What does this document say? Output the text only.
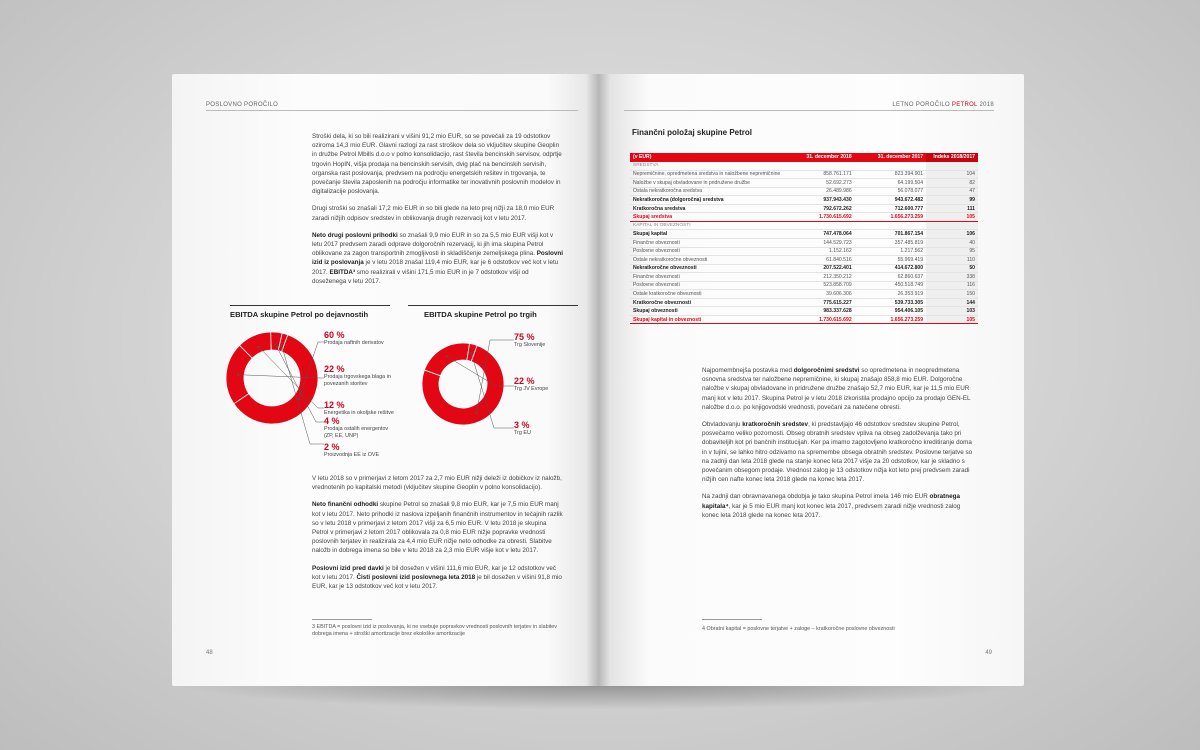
POSLOVNO POROČILO

Stroški dela, ki so bili realizirani v višini 91,2 mio EUR, so se povečali za 19 odstotkov oziroma 14,3 mio EUR. Glavni razlogi za rast stroškov dela so vključitev skupine Geoplin in družbe Petrol Mbills d.o.o v polno konsolidacijo, rast števila bencinskih servisov, odprtje trgovin HopIN, višja prodaja na bencinskih servisih, dvig plač na bencinskih servisih, organska rast poslovanja, predvsem na področju energetskih rešitev in trgovanja, te povečanje števila zaposlenih na področju informatike ter inovativnih poslovnih modelov in digitalizacije poslovanja.

Drugi stroški so znašali 17,2 mio EUR in so bili glede na leto prej nižji za 18,0 mio EUR zaradi nižjih odpisov sredstev in oblikovanja drugih rezervacij kot v letu 2017.

Neto drugi poslovni prihodki so znašali 9,9 mio EUR in so za 5,5 mio EUR višji kot v letu 2017 predvsem zaradi odprave dolgoročnih rezervacij, ki jih ima skupina Petrol oblikovane za zagon transportnih zmogljivosti in skladiščenje zemeljskega plina. Poslovni izid iz poslovanja je v letu 2018 znašal 119,4 mio EUR, kar je 6 odstotkov več kot v letu 2017. EBITDA³ smo realizirali v višini 171,5 mio EUR in je 7 odstotkov višji od doseženega v letu 2017.

EBITDA skupine Petrol po dejavnostih	EBITDA skupine Petrol po trgih
60 %
Prodaja naftnih derivatov
22 %
Prodaja trgovskega blaga in povezanih storitev
12 %
Energetika in okoljske rešitve
4 %
Prodaja ostalih energentov (ZP, EE, UNP)
2 %
Proizvodnja EE iz OVE
75 %
Trg Slovenije
22 %
Trg JV Evrope
3 %
Trg EU

V letu 2018 so v primerjavi z letom 2017 za 2,7 mio EUR nižji deleži iz dobičkov iz naložb, vrednotenih po kapitalski metodi (vključitev skupine Geoplin v polno konsolidacijo).

Neto finančni odhodki skupine Petrol so znašali 9,8 mio EUR, kar je 7,5 mio EUR manj kot v letu 2017. Neto prihodki iz naslova izpeljanih finančnih instrumentov in tečajnih razlik so v letu 2018 v primerjavi z letom 2017 višji za 6,5 mio EUR. V letu 2018 je skupina Petrol v primerjavi z letom 2017 oblikovala za 0,8 mio EUR nižje popravke vrednosti poslovnih terjatev in realizirala za 4,4 mio EUR nižje neto odhodke za obresti. Slabitve naložb in dobrega imena so bile v letu 2018 za 2,3 mio EUR višje kot v letu 2017.

Poslovni izid pred davki je bil dosežen v višini 111,6 mio EUR, kar je 12 odstotkov več kot v letu 2017. Čisti poslovni izid poslovnega leta 2018 je bil dosežen v višini 91,8 mio EUR, kar je 13 odstotkov več kot v letu 2017.

3 EBITDA = poslovni izid iz poslovanja, ki ne vsebuje popravkov vrednosti poslovnih terjatev in slabitev dobrega imena + stroški amortizacije brez ekološke amortizacije
48
LETNO POROČILO PETROL 2018
Finančni položaj skupine Petrol
(v EUR)	31. december 2018	31. december 2017	Indeks 2018/2017
SREDSTVA			
Nepremičnine, opredmetena sredstva in naložbene nepremičnine	858.761.171	823.394.901	104
Naložbe v skupaj obvladovane in pridružene družbe	52.692.273	64.199.504	82
Ostala nekratkoročna sredstva	26.489.986	56.078.077	47
Nekratkoročna (dolgoročna) sredstva	937.943.430	943.672.482	99
Kratkoročna sredstva	792.672.262	712.600.777	111
Skupaj sredstva	1.730.615.692	1.656.273.259	105
KAPITAL IN OBVEZNOSTI			
Skupaj kapital	747.478.064	701.867.154	106
Finančne obveznosti	144.529.723	357.485.819	40
Poslovne obveznosti	1.152.162	1.217.562	95
Ostale nekratkoročne obveznosti	61.840.516	55.969.419	110
Nekratkoročne obveznosti	207.522.401	414.672.800	50
Finančne obveznosti	212.350.212	62.860.637	338
Poslovne obveznosti	523.858.709	450.518.749	116
Ostale kratkoročne obveznosti	39.606.306	26.353.919	150
Kratkoročne obveznosti	775.615.227	539.733.305	144
Skupaj obveznosti	983.337.628	954.406.105	103
Skupaj kapital in obveznosti	1.730.615.692	1.656.273.259	105

Najpomembnejša postavka med dolgoročnimi sredstvi so opredmetena in neopredmetena osnovna sredstva ter naložbene nepremičnine, ki skupaj znašajo 858,8 mio EUR. Dolgoročne naložbe v skupaj obvladovane in pridružene družbe znašajo 52,7 mio EUR, kar je 11,5 mio EUR manj kot v letu 2017. Skupina Petrol je v letu 2018 izkoristila prodajno opcijo za prodajo GEN-EL naložbe d.o.o. po knjigovodski vrednosti, povečani za natečene obresti.

Obvladovanju kratkoročnih sredstev, ki predstavljajo 46 odstotkov sredstev skupine Petrol, posvečamo veliko pozornosti. Obseg obratnih sredstev vpliva na obseg zadolževanja tako pri dobaviteljih kot pri bančnih institucijah. Ker pa imamo zagotovljeno kratkoročno kreditiranje doma in v tujini, se lahko hitro odzivamo na spremembe obsega obratnih sredstev. Poslovne terjatve so na zadnji dan leta 2018 glede na stanje konec leta 2017 višje za 20 odstotkov, kar je skladno s povečanim obsegom prodaje. Vrednost zalog je 13 odstotkov nižja kot leto prej predvsem zaradi nižjih cen nafte konec leta 2018 glede na konec leta 2017.

Na zadnji dan obravnavanega obdobja je tako skupina Petrol imela 146 mio EUR obratnega kapitala⁴, kar je 5 mio EUR manj kot konec leta 2017, predvsem zaradi nižje vrednosti zalog konec leta 2018 glede na konec leta 2017.

4 Obratni kapital = poslovne terjatve + zaloge – kratkoročne poslovne obveznosti
49
